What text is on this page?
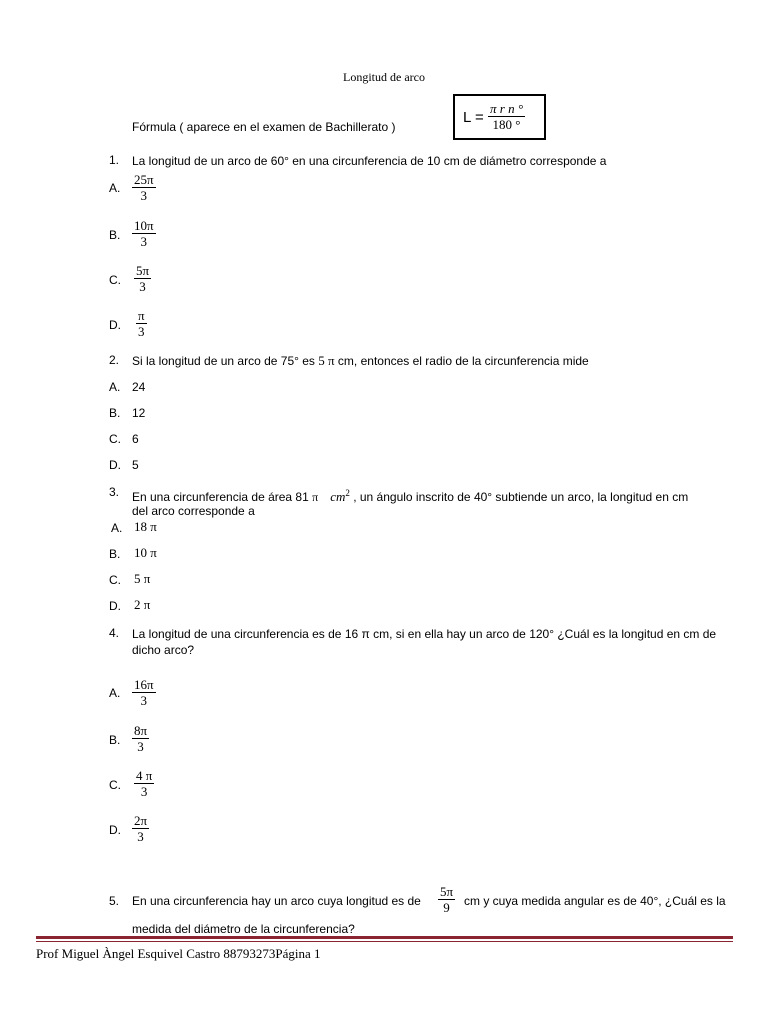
Longitud de arco
Fórmula ( aparece en el examen de Bachillerato )
L =
π r n °
180 °
1. La longitud de un arco de 60° en una circunferencia de 10 cm de diámetro corresponde a
A.
25π
3
B.
10π
3
C.
5π
3
D.
π
3
2. Si la longitud de un arco de 75° es 5 π cm, entonces el radio de la circunferencia mide
A. 24
B. 12
C. 6
D. 5
3. En una circunferencia de área 81 π $cm^2$ , un ángulo inscrito de 40° subtiende un arco, la longitud en cm
del arco corresponde a
A. 18 π
B. 10 π
C. 5 π
D. 2 π
4. La longitud de una circunferencia es de 16 π cm, si en ella hay un arco de 120° ¿Cuál es la longitud en cm de dicho arco?
A.
16π
3
B.
8π
3
C.
4 π
3
D.
2π
3
5. En una circunferencia hay un arco cuya longitud es de
5π
9 cm y cuya medida angular es de 40°, ¿Cuál es la
medida del diámetro de la circunferencia?
Prof Miguel Àngel Esquivel Castro 88793273Página 1
